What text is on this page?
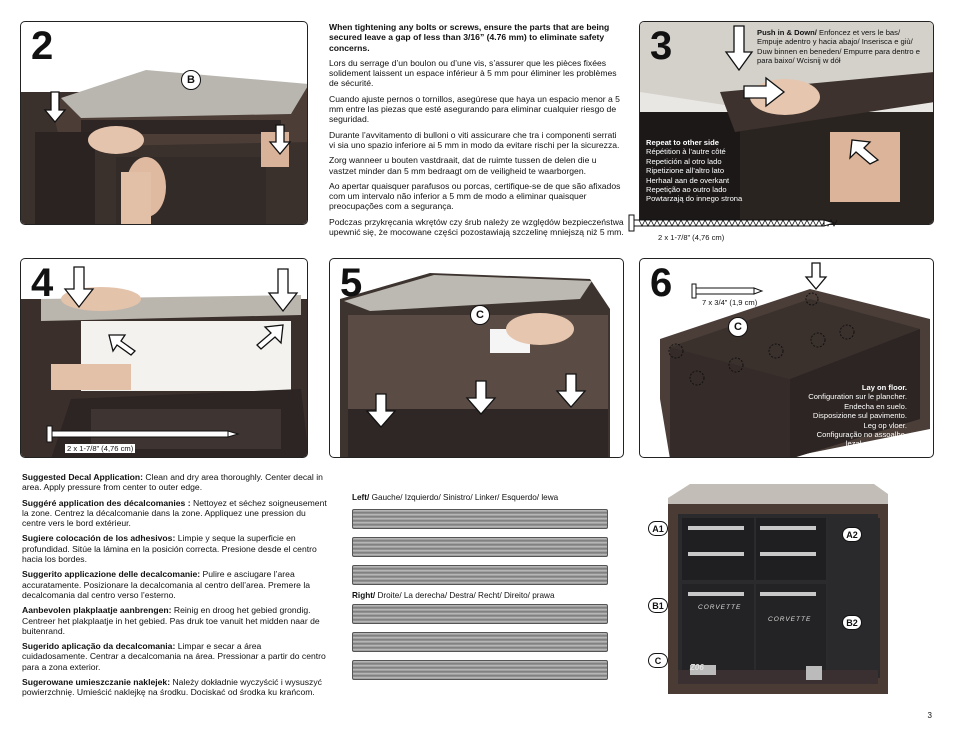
2
B

When tightening any bolts or screws, ensure the parts that are being secured leave a gap of less than 3/16” (4.76 mm) to eliminate safety concerns.

Lors du serrage d’un boulon ou d’une vis, s’assurer que les pièces fixées solidement laissent un espace inférieur à 5 mm pour éliminer les problèmes de sécurité.

Cuando ajuste pernos o tornillos, asegúrese que haya un espacio menor a 5 mm entre las piezas que esté asegurando para eliminar cualquier riesgo de seguridad.

Durante l’avvitamento di bulloni o viti assicurare che tra i componenti serrati vi sia uno spazio inferiore ai 5 mm in modo da evitare rischi per la sicurezza.

Zorg wanneer u bouten vastdraait, dat de ruimte tussen de delen die u vastzet minder dan 5 mm bedraagt om de veiligheid te waarborgen.

Ao apertar quaisquer parafusos ou porcas, certifique-se de que são afixados com um intervalo não inferior a 5 mm de modo a eliminar quaisquer preocupações com a segurança.

Podczas przykręcania wkrętów czy śrub należy ze względów bezpieczeństwa upewnić się, że mocowane części pozostawiają szczelinę mniejszą niż 5 mm.

3	Push in & Down/ Enfoncez et vers le bas/ Empuje adentro y hacia abajo/ Inserisca e giù/ Duw binnen en beneden/ Empurre para dentro e para baixo/ Wcisnij w dół
Repeat to other side
Répétition à l’autre côté
Repetición al otro lado
Ripetizione all’altro lato
Herhaal aan de overkant
Repetição ao outro lado
Powtarzają do innego strona
2 x 1-7/8” (4,76 cm)
4
2 x 1-7/8” (4,76 cm)
5
C
6	7 x 3/4” (1,9 cm)
C
Lay on floor.
Configuration sur le plancher.
Endecha en suelo.
Disposizione sul pavimento.
Leg op vloer.
Configuração no assoalho.
lezał na podłodze.

Suggested Decal Application: Clean and dry area thoroughly. Center decal in area. Apply pressure from center to outer edge.

Suggéré application des décalcomanies : Nettoyez et séchez soigneusement la zone. Centrez la décalcomanie dans la zone. Appliquez une pression du centre vers le bord extérieur.

Sugiere colocación de los adhesivos: Limpie y seque la superficie en profundidad. Sitúe la lámina en la posición correcta. Presione desde el centro hacia los bordes.

Suggerito applicazione delle decalcomanie: Pulire e asciugare l’area accuratamente. Posizionare la decalcomania al centro dell’area. Premere la decalcomania dal centro verso l’esterno.

Aanbevolen plakplaatje aanbrengen: Reinig en droog het gebied grondig. Centreer het plakplaatje in het gebied. Pas druk toe vanuit het midden naar de buitenrand.

Sugerido aplicação da decalcomania: Limpar e secar a área cuidadosamente. Centrar a decalcomania na área. Pressionar a partir do centro para a zona exterior.

Sugerowane umieszczanie naklejek: Należy dokładnie wyczyścić i wysuszyć powierzchnię. Umieścić naklejkę na środku. Dociskać od środka ku krańcom.

Left/ Gauche/ Izquierdo/ Sinistro/ Linker/ Esquerdo/ lewa
Right/ Droite/ La derecha/ Destra/ Recht/ Direito/ prawa
CORVETTE
CORVETTE
Z06
A1
A2
B1
B2
C
3
